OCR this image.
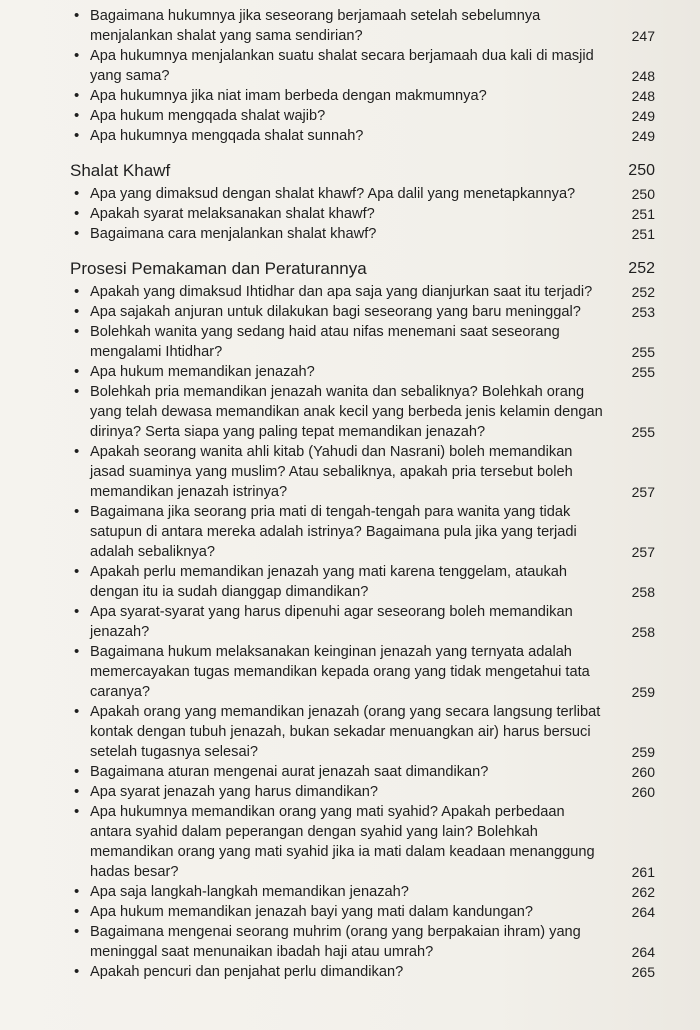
• Bagaimana hukumnya jika seseorang berjamaah setelah sebelumnya menjalankan shalat yang sama sendirian?	247

• Apa hukumnya menjalankan suatu shalat secara berjamaah dua kali di masjid yang sama?	248

• Apa hukumnya jika niat imam berbeda dengan makmumnya?	248

• Apa hukum mengqada shalat wajib?	249

• Apa hukumnya mengqada shalat sunnah?	249

Shalat Khawf	250

• Apa yang dimaksud dengan shalat khawf? Apa dalil yang menetapkannya?	250

• Apakah syarat melaksanakan shalat khawf?	251

• Bagaimana cara menjalankan shalat khawf?	251

Prosesi Pemakaman dan Peraturannya	252

• Apakah yang dimaksud Ihtidhar dan apa saja yang dianjurkan saat itu terjadi?	252

• Apa sajakah anjuran untuk dilakukan bagi seseorang yang baru meninggal?	253

• Bolehkah wanita yang sedang haid atau nifas menemani saat seseorang mengalami Ihtidhar?	255

• Apa hukum memandikan jenazah?	255

• Bolehkah pria memandikan jenazah wanita dan sebaliknya? Bolehkah orang yang telah dewasa memandikan anak kecil yang berbeda jenis kelamin dengan dirinya? Serta siapa yang paling tepat memandikan jenazah?	255

• Apakah seorang wanita ahli kitab (Yahudi dan Nasrani) boleh memandikan jasad suaminya yang muslim? Atau sebaliknya, apakah pria tersebut boleh memandikan jenazah istrinya?	257

• Bagaimana jika seorang pria mati di tengah-tengah para wanita yang tidak satupun di antara mereka adalah istrinya? Bagaimana pula jika yang terjadi adalah sebaliknya?	257

• Apakah perlu memandikan jenazah yang mati karena tenggelam, ataukah dengan itu ia sudah dianggap dimandikan?	258

• Apa syarat-syarat yang harus dipenuhi agar seseorang boleh memandikan jenazah?	258

• Bagaimana hukum melaksanakan keinginan jenazah yang ternyata adalah memercayakan tugas memandikan kepada orang yang tidak mengetahui tata caranya?	259

• Apakah orang yang memandikan jenazah (orang yang secara langsung terlibat kontak dengan tubuh jenazah, bukan sekadar menuangkan air) harus bersuci setelah tugasnya selesai?	259

• Bagaimana aturan mengenai aurat jenazah saat dimandikan?	260

• Apa syarat jenazah yang harus dimandikan?	260

• Apa hukumnya memandikan orang yang mati syahid? Apakah perbedaan antara syahid dalam peperangan dengan syahid yang lain? Bolehkah memandikan orang yang mati syahid jika ia mati dalam keadaan menanggung hadas besar?	261

• Apa saja langkah-langkah memandikan jenazah?	262

• Apa hukum memandikan jenazah bayi yang mati dalam kandungan?	264

• Bagaimana mengenai seorang muhrim (orang yang berpakaian ihram) yang meninggal saat menunaikan ibadah haji atau umrah?	264

• Apakah pencuri dan penjahat perlu dimandikan?	265
